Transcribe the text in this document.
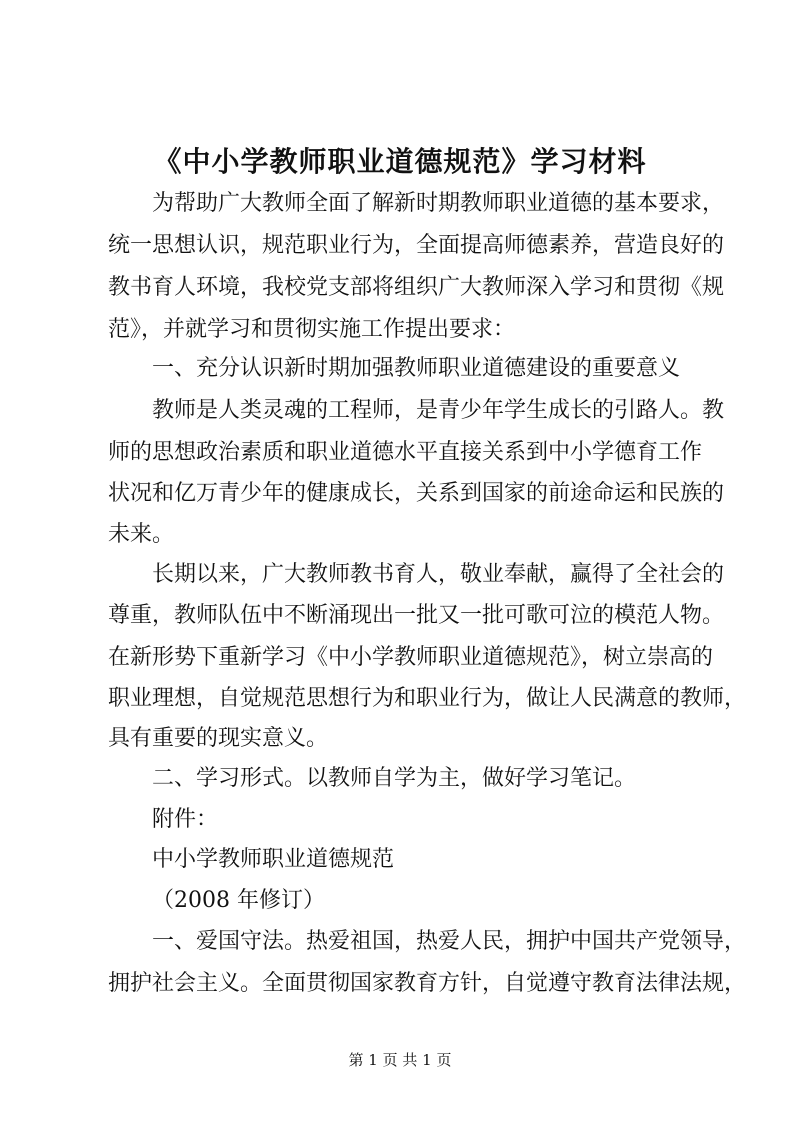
《中小学教师职业道德规范》学习材料
为帮助广大教师全面了解新时期教师职业道德的基本要求，
统一思想认识，规范职业行为，全面提高师德素养，营造良好的
教书育人环境，我校党支部将组织广大教师深入学习和贯彻《规
范》，并就学习和贯彻实施工作提出要求：
一、充分认识新时期加强教师职业道德建设的重要意义
教师是人类灵魂的工程师，是青少年学生成长的引路人。教
师的思想政治素质和职业道德水平直接关系到中小学德育工作
状况和亿万青少年的健康成长，关系到国家的前途命运和民族的
未来。
长期以来，广大教师教书育人，敬业奉献，赢得了全社会的
尊重，教师队伍中不断涌现出一批又一批可歌可泣的模范人物。
在新形势下重新学习《中小学教师职业道德规范》，树立崇高的
职业理想，自觉规范思想行为和职业行为，做让人民满意的教师，
具有重要的现实意义。
二、学习形式。以教师自学为主，做好学习笔记。
附件：
中小学教师职业道德规范
（2008 年修订）
一、爱国守法。热爱祖国，热爱人民，拥护中国共产党领导，
拥护社会主义。全面贯彻国家教育方针，自觉遵守教育法律法规，
第 1 页 共 1 页
